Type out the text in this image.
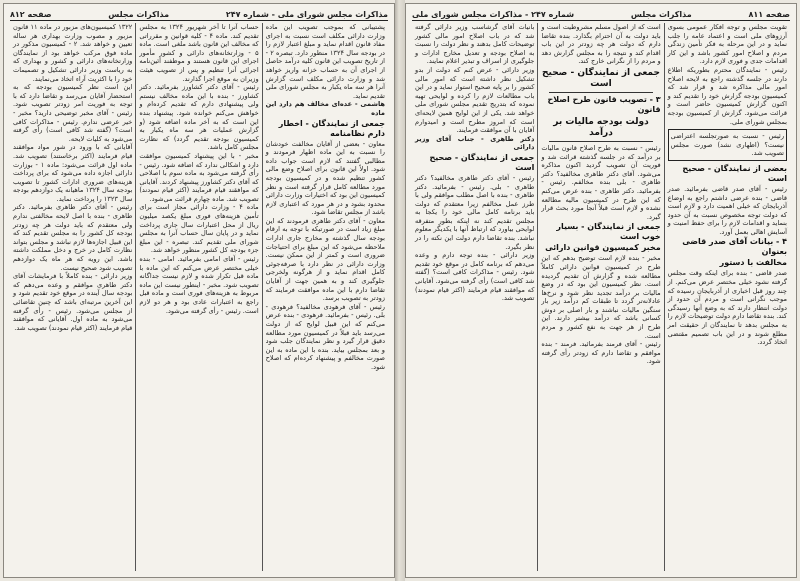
مذاکرات مجلس شورای ملی - شماره ۲۴۷
مذاکرات مجلس
صفحه ۸۱۲
پشتیبانی که بموجب تصویب این ماده وزارت دارائی مکلف است نسبت به اجرای مفاد قانون اقدام نماید و مبلغ اعتبار لازم را در بودجه سال ۱۳۲۴ منظور دارد. تبصره ۲ - از تاریخ تصویب این قانون کلیه درآمد حاصل از اجرای آن به حساب خزانه واریز خواهد شد و وزارت دارائی مکلف است گزارش آنرا هر سه ماه یکبار به مجلس شورای ملی تقدیم نماید.
هاشمی - عده‌ای مخالف هم دارد این ماده
جمعی از نمایندگان - اخطار دارم نظامنامه
معاون - بعضی از آقایان مخالفت خودشان را نسبت به این ماده اظهار فرمودند و مطالبی گفتند که لازم است جواب داده شود. اولاً این قانون برای اصلاح وضع مالی کشور تنظیم شده و در کمیسیون بودجه مورد مطالعه کامل قرار گرفته است و نظر کمیسیون این بود که اختیارات وزارت دارائی محدود بشود و در هر مورد که اعتباری لازم باشد از مجلس تقاضا شود.
معاون - آقای دکتر طاهری فرمودند که این مبلغ زیاد است در صورتیکه با توجه به ارقام بودجه سال گذشته و مخارج جاری ادارات ملاحظه می‌شود که این مبلغ برای احتیاجات ضروری است و کمتر از این ممکن نیست. وزارت دارائی در نظر دارد با صرفه‌جوئی کامل اقدام نماید و از هرگونه ولخرجی جلوگیری کند و به همین جهت از آقایان تقاضا دارم با این ماده موافقت فرمایند که زودتر به تصویب برسد.
رئیس - آقای فرهودی مخالفید؟ فرهودی - بلی. رئیس - بفرمائید. فرهودی - بنده عرض می‌کنم که این قبیل لوایح که از دولت می‌رسد باید قبلاً در کمیسیون مورد مطالعه دقیق قرار گیرد و نظر نمایندگان جلب شود و بعد بمجلس بیاید. بنده با این ماده به این صورت مخالفم و پیشنهاد کرده‌ام که اصلاح شود.
حساب آنرا تا آخر شهریور ۱۳۲۴ به مجلس تقدیم کند. ماده ۴ - کلیه قوانین و مقرراتی که مخالف این قانون باشد ملغی است. ماده ۵ - وزارتخانه‌های دارائی و کشور مأمور اجرای این قانون هستند و موظفند آئین‌نامه اجرائی آنرا تنظیم و پس از تصویب هیئت وزیران به موقع اجرا گذارند.
رئیس - آقای دکتر کشاورز بفرمائید. دکتر کشاورز - بنده با این ماده مخالف نیستم ولی پیشنهادی دارم که تقدیم کرده‌ام و خواهش می‌کنم خوانده شود. پیشنهاد بنده این است که به آخر ماده اضافه شود (و گزارش عملیات هر سه ماه یکبار به کمیسیون بودجه تقدیم گردد) که نظارت مجلس کامل باشد.
مخبر - با این پیشنهاد کمیسیون موافقت دارد و اشکالی ندارد که اضافه شود. رئیس - رأی گرفته می‌شود به ماده سوم با اصلاحی که آقای دکتر کشاورز پیشنهاد کردند. آقایانی که موافقند قیام فرمایند (اکثر قیام نمودند) تصویب شد. ماده چهارم قرائت می‌شود.
ماده ۴ - وزارت دارائی مجاز است برای تأمین هزینه‌های فوری مبلغ یکصد میلیون ریال از محل اعتبارات سال جاری پرداخت نماید و در پایان سال حساب آنرا به مجلس شورای ملی تقدیم کند. تبصره - این مبلغ جزء بودجه کل کشور منظور خواهد شد.
رئیس - آقای امامی بفرمائید. امامی - بنده خیلی مختصر عرض می‌کنم که این ماده با ماده قبل تکرار شده و لازم نیست جداگانه تصویب شود. مخبر - اینطور نیست این ماده مربوط به هزینه‌های فوری است و ماده قبل راجع به اعتبارات عادی بود و هر دو لازم است. رئیس - رأی گرفته می‌شود.
۱۳۲۲ کمیسیون‌های مزبور در ماده ۱۱ قانون مزبور و مصوب وزارت بهداری هر ساله تعیین و خواهد شد. ۲ - کمیسیون مذکور در ماده فوق مرکب خواهد بود از نمایندگان وزارتخانه‌های دارائی و کشور و بهداری که به ریاست وزیر دارائی تشکیل و تصمیمات خود را با اکثریت آراء اتخاذ می‌نمایند.
این است نظر کمیسیون بودجه که به استحضار آقایان می‌رسد و تقاضا دارد که با توجه به فوریت امر زودتر تصویب شود. رئیس - آقای مخبر توضیحی دارید؟ مخبر - خیر عرضی ندارم. رئیس - مذاکرات کافی است؟ (گفته شد کافی است) رأی گرفته می‌شود به کلیات لایحه.
آقایانی که با ورود در شور مواد موافقند قیام فرمایند (اکثر برخاستند) تصویب شد. ماده اول قرائت می‌شود: ماده ۱ - بوزارت دارائی اجازه داده می‌شود که برای پرداخت هزینه‌های ضروری ادارات کشور تا تصویب بودجه سال ۱۳۲۴ ماهیانه یک دوازدهم بودجه سال ۱۳۲۳ را پرداخت نماید.
رئیس - آقای دکتر طاهری بفرمائید. دکتر طاهری - بنده با اصل لایحه مخالفتی ندارم ولی معتقدم که باید دولت هر چه زودتر بودجه کل کشور را به مجلس تقدیم کند که این قبیل اجازه‌ها لازم نباشد و مجلس بتواند نظارت کامل در خرج و دخل مملکت داشته باشد. این رویه که هر ماه یک دوازدهم تصویب شود صحیح نیست.
وزیر دارائی - بنده کاملاً با فرمایشات آقای دکتر طاهری موافقم و وعده می‌دهم که بودجه سال آینده در موقع خود تقدیم شود و این آخرین مرتبه‌ای باشد که چنین تقاضائی از مجلس می‌شود. رئیس - رأی گرفته می‌شود به ماده اول. آقایانی که موافقند قیام فرمایند (اکثر قیام نمودند) تصویب شد.
صفحه ۸۱۱
مذاکرات مجلس
شماره ۲۴۷ - مذاکرات مجلس شورای ملی
تقویت مجلس و توجه افکار عمومی بسوی آرزوهای ملی است و اعتماد عامه را جلب نماید و در این مرحله به فکر تأمین زندگی مردم و اصلاح امور کشور باشد و این کار اقدامات جدی و فوری لازم دارد.
رئیس - نمایندگان محترم بطوریکه اطلاع دارند در جلسه گذشته راجع به لایحه اصلاح امور مالی مذاکره شد و قرار شد که کمیسیون بودجه گزارش خود را تقدیم کند و اکنون گزارش کمیسیون حاضر است و قرائت می‌شود. گزارش از کمیسیون بودجه بمجلس شورای ملی.
رئیس - نسبت به صورتجلسه اعتراضی نیست؟ (اظهاری نشد) صورت مجلس تصویب شد.
بعضی از نمایندگان - صحیح است
رئیس - آقای صدر قاضی بفرمائید. صدر قاضی - بنده عرضی داشتم راجع به اوضاع آذربایجان که خیلی اهمیت دارد و لازم است که دولت توجه مخصوص نسبت به آن حدود بنماید و اقدامات لازم را برای حفظ امنیت و آسایش اهالی بعمل آورد.
۴ - بیانات آقای صدر قاضی بعنوان
مخالفت با دستور
صدر قاضی - بنده برای اینکه وقت مجلس گرفته نشود خیلی مختصر عرض می‌کنم. از چند روز قبل اخباری از آذربایجان رسیده که موجب نگرانی است و مردم آن حدود از دولت انتظار دارند که به وضع آنها رسیدگی کند. بنده تقاضا دارم دولت توضیحات لازم را به مجلس بدهد تا نمایندگان از حقیقت امر مطلع شوند و در این باب تصمیم مقتضی اتخاذ گردد.
است که از اصول مسلم مشروطیت است و باید دولت به آن احترام بگذارد. بنده تقاضا دارم که دولت هر چه زودتر در این باب اقدام کند و نتیجه را به مجلس گزارش دهد و مردم را از نگرانی خارج کند.
جمعی از نمایندگان - صحیح است
۳ - تصویب قانون طرح اصلاح قانون
دولت بودجه مالیات بر درآمد
رئیس - نسبت به طرح اصلاح قانون مالیات بر درآمد که در جلسه گذشته قرائت شد و فوریت آن تصویب گردید اکنون مذاکره می‌شود. آقای دکتر طاهری مخالفید؟ دکتر طاهری - بلی بنده مخالفم. رئیس - بفرمائید. دکتر طاهری - بنده عرض می‌کنم که این طرح در کمیسیون مالیه مطالعه نشده و لازم است قبلاً آنجا مورد بحث قرار گیرد.
جمعی از نمایندگان - بسیار خوب است
مخبر کمیسیون قوانین دارائی
مخبر - بنده لازم است توضیح بدهم که این طرح در کمیسیون قوانین دارائی کاملاً مطالعه شده و گزارش آن تقدیم گردیده است. نظر کمیسیون این بود که در وضع مالیات بر درآمد تجدید نظر شود و نرخ‌ها عادلانه‌تر گردد تا طبقات کم درآمد زیر بار سنگین مالیات نباشند و بار اصلی بر دوش کسانی باشد که درآمد بیشتر دارند. این طرح از هر جهت به نفع کشور و مردم است.
رئیس - آقای فرمند بفرمائید. فرمند - بنده موافقم و تقاضا دارم که زودتر رأی گرفته شود.
بانیات آقای گرشاسب وزیر دارائی گرفته شد که در باب اصلاح امور مالی کشور توضیحات کامل بدهند و نظر دولت را نسبت به اصلاح بودجه و تعدیل مخارج ادارات و جلوگیری از اسراف و تبذیر اعلام نمایند.
وزیر دارائی - عرض کنم که دولت از بدو تشکیل نظر داشته است که امور مالی کشور را بر پایه صحیح استوار نماید و در این باب مطالعات لازم را کرده و لوایحی تهیه نموده که بتدریج تقدیم مجلس شورای ملی خواهد شد. یکی از این لوایح همین لایحه‌ای است که امروز مطرح است و امیدوارم آقایان با آن موافقت فرمایند.
دکتر طاهری - جناب آقای وزیر دارائی
جمعی از نمایندگان - صحیح است
رئیس - آقای دکتر طاهری مخالفید؟ دکتر طاهری - بلی. رئیس - بفرمائید. دکتر طاهری - بنده با اصل مطلب موافقم ولی با طرز عمل مخالفم زیرا معتقدم که دولت باید برنامه کامل مالی خود را یکجا به مجلس تقدیم کند نه اینکه بطور متفرقه لوایحی بیاورد که ارتباط آنها با یکدیگر معلوم نباشد. بنده تقاضا دارم دولت این نکته را در نظر بگیرد.
وزیر دارائی - بنده توجه دارم و وعده می‌دهم که برنامه کامل در موقع خود تقدیم شود. رئیس - مذاکرات کافی است؟ (گفته شد کافی است) رأی گرفته می‌شود. آقایانی که موافقند قیام فرمایند (اکثر قیام نمودند) تصویب شد.
